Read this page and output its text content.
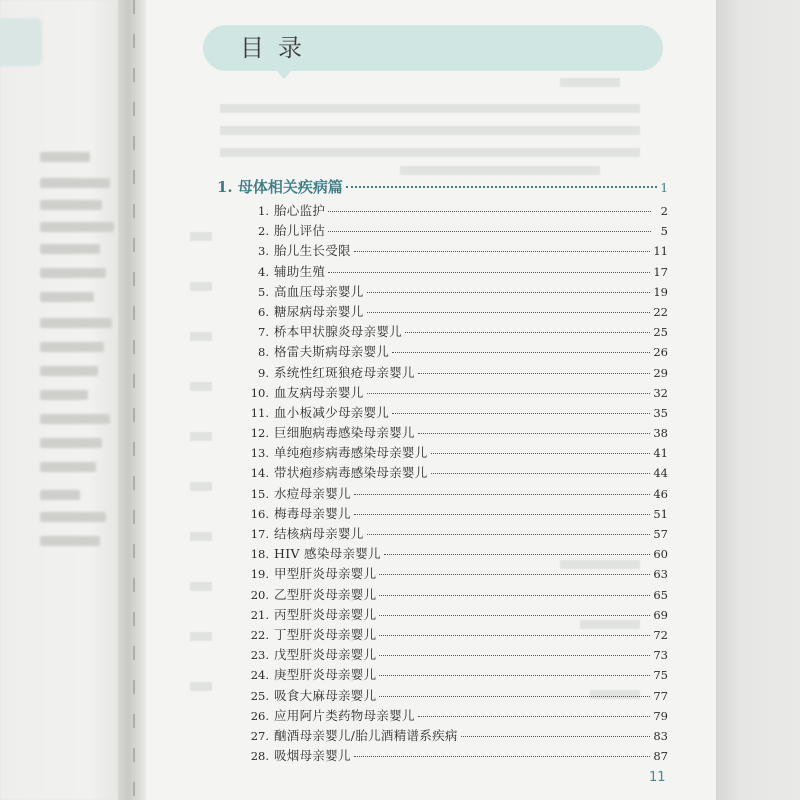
目录
1. 母体相关疾病篇	1
1. 胎心监护	2
2. 胎儿评估	5
3. 胎儿生长受限	11
4. 辅助生殖	17
5. 高血压母亲婴儿	19
6. 糖尿病母亲婴儿	22
7. 桥本甲状腺炎母亲婴儿	25
8. 格雷夫斯病母亲婴儿	26
9. 系统性红斑狼疮母亲婴儿	29
10. 血友病母亲婴儿	32
11. 血小板减少母亲婴儿	35
12. 巨细胞病毒感染母亲婴儿	38
13. 单纯疱疹病毒感染母亲婴儿	41
14. 带状疱疹病毒感染母亲婴儿	44
15. 水痘母亲婴儿	46
16. 梅毒母亲婴儿	51
17. 结核病母亲婴儿	57
18. HIV 感染母亲婴儿	60
19. 甲型肝炎母亲婴儿	63
20. 乙型肝炎母亲婴儿	65
21. 丙型肝炎母亲婴儿	69
22. 丁型肝炎母亲婴儿	72
23. 戊型肝炎母亲婴儿	73
24. 庚型肝炎母亲婴儿	75
25. 吸食大麻母亲婴儿	77
26. 应用阿片类药物母亲婴儿	79
27. 酗酒母亲婴儿/胎儿酒精谱系疾病	83
28. 吸烟母亲婴儿	87
11
